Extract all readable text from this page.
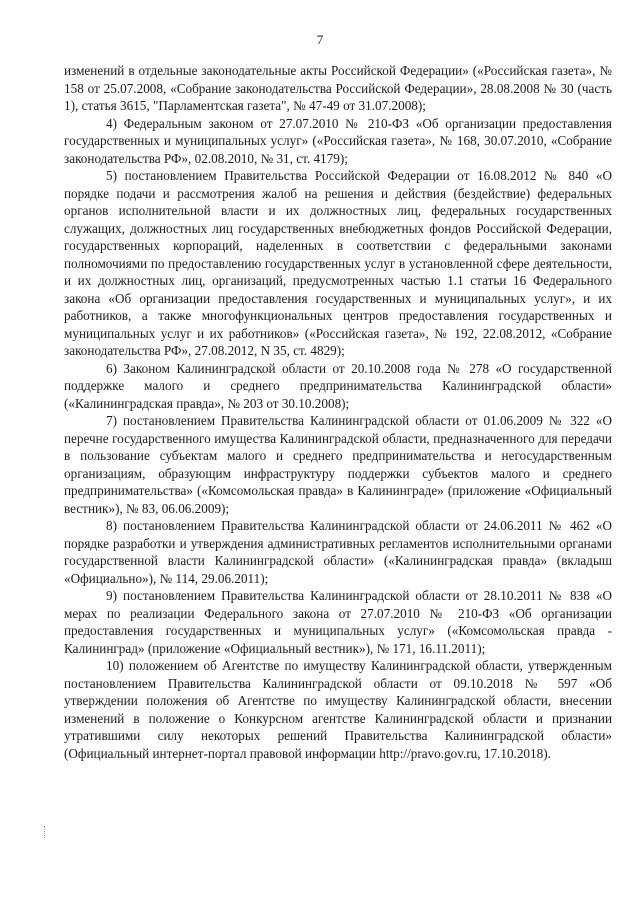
7

изменений в отдельные законодательные акты Российской Федерации» («Российская газета», № 158 от 25.07.2008, «Собрание законодательства Российской Федерации», 28.08.2008 № 30 (часть 1), статья 3615, "Парламентская газета", № 47-49 от 31.07.2008);

4) Федеральным законом от 27.07.2010 № 210-ФЗ «Об организации предоставления государственных и муниципальных услуг» («Российская газета», № 168, 30.07.2010, «Собрание законодательства РФ», 02.08.2010, № 31, ст. 4179);

5) постановлением Правительства Российской Федерации от 16.08.2012 № 840 «О порядке подачи и рассмотрения жалоб на решения и действия (бездействие) федеральных органов исполнительной власти и их должностных лиц, федеральных государственных служащих, должностных лиц государственных внебюджетных фондов Российской Федерации, государственных корпораций, наделенных в соответствии с федеральными законами полномочиями по предоставлению государственных услуг в установленной сфере деятельности, и их должностных лиц, организаций, предусмотренных частью 1.1 статьи 16 Федерального закона «Об организации предоставления государственных и муниципальных услуг», и их работников, а также многофункциональных центров предоставления государственных и муниципальных услуг и их работников» («Российская газета», № 192, 22.08.2012, «Собрание законодательства РФ», 27.08.2012, N 35, ст. 4829);

6) Законом Калининградской области от 20.10.2008 года № 278 «О государственной поддержке малого и среднего предпринимательства Калининградской области» («Калининградская правда», № 203 от 30.10.2008);

7) постановлением Правительства Калининградской области от 01.06.2009 № 322 «О перечне государственного имущества Калининградской области, предназначенного для передачи в пользование субъектам малого и среднего предпринимательства и негосударственным организациям, образующим инфраструктуру поддержки субъектов малого и среднего предпринимательства» («Комсомольская правда» в Калининграде» (приложение «Официальный вестник»), № 83, 06.06.2009);

8) постановлением Правительства Калининградской области от 24.06.2011 № 462 «О порядке разработки и утверждения административных регламентов исполнительными органами государственной власти Калининградской области» («Калининградская правда» (вкладыш «Официально»), № 114, 29.06.2011);

9) постановлением Правительства Калининградской области от 28.10.2011 № 838 «О мерах по реализации Федерального закона от 27.07.2010 № 210-ФЗ «Об организации предоставления государственных и муниципальных услуг» («Комсомольская правда - Калининград» (приложение «Официальный вестник»), № 171, 16.11.2011);

10) положением об Агентстве по имуществу Калининградской области, утвержденным постановлением Правительства Калининградской области от 09.10.2018 № 597 «Об утверждении положения об Агентстве по имуществу Калининградской области, внесении изменений в положение о Конкурсном агентстве Калининградской области и признании утратившими силу некоторых решений Правительства Калининградской области» (Официальный интернет-портал правовой информации http://pravo.gov.ru, 17.10.2018).
